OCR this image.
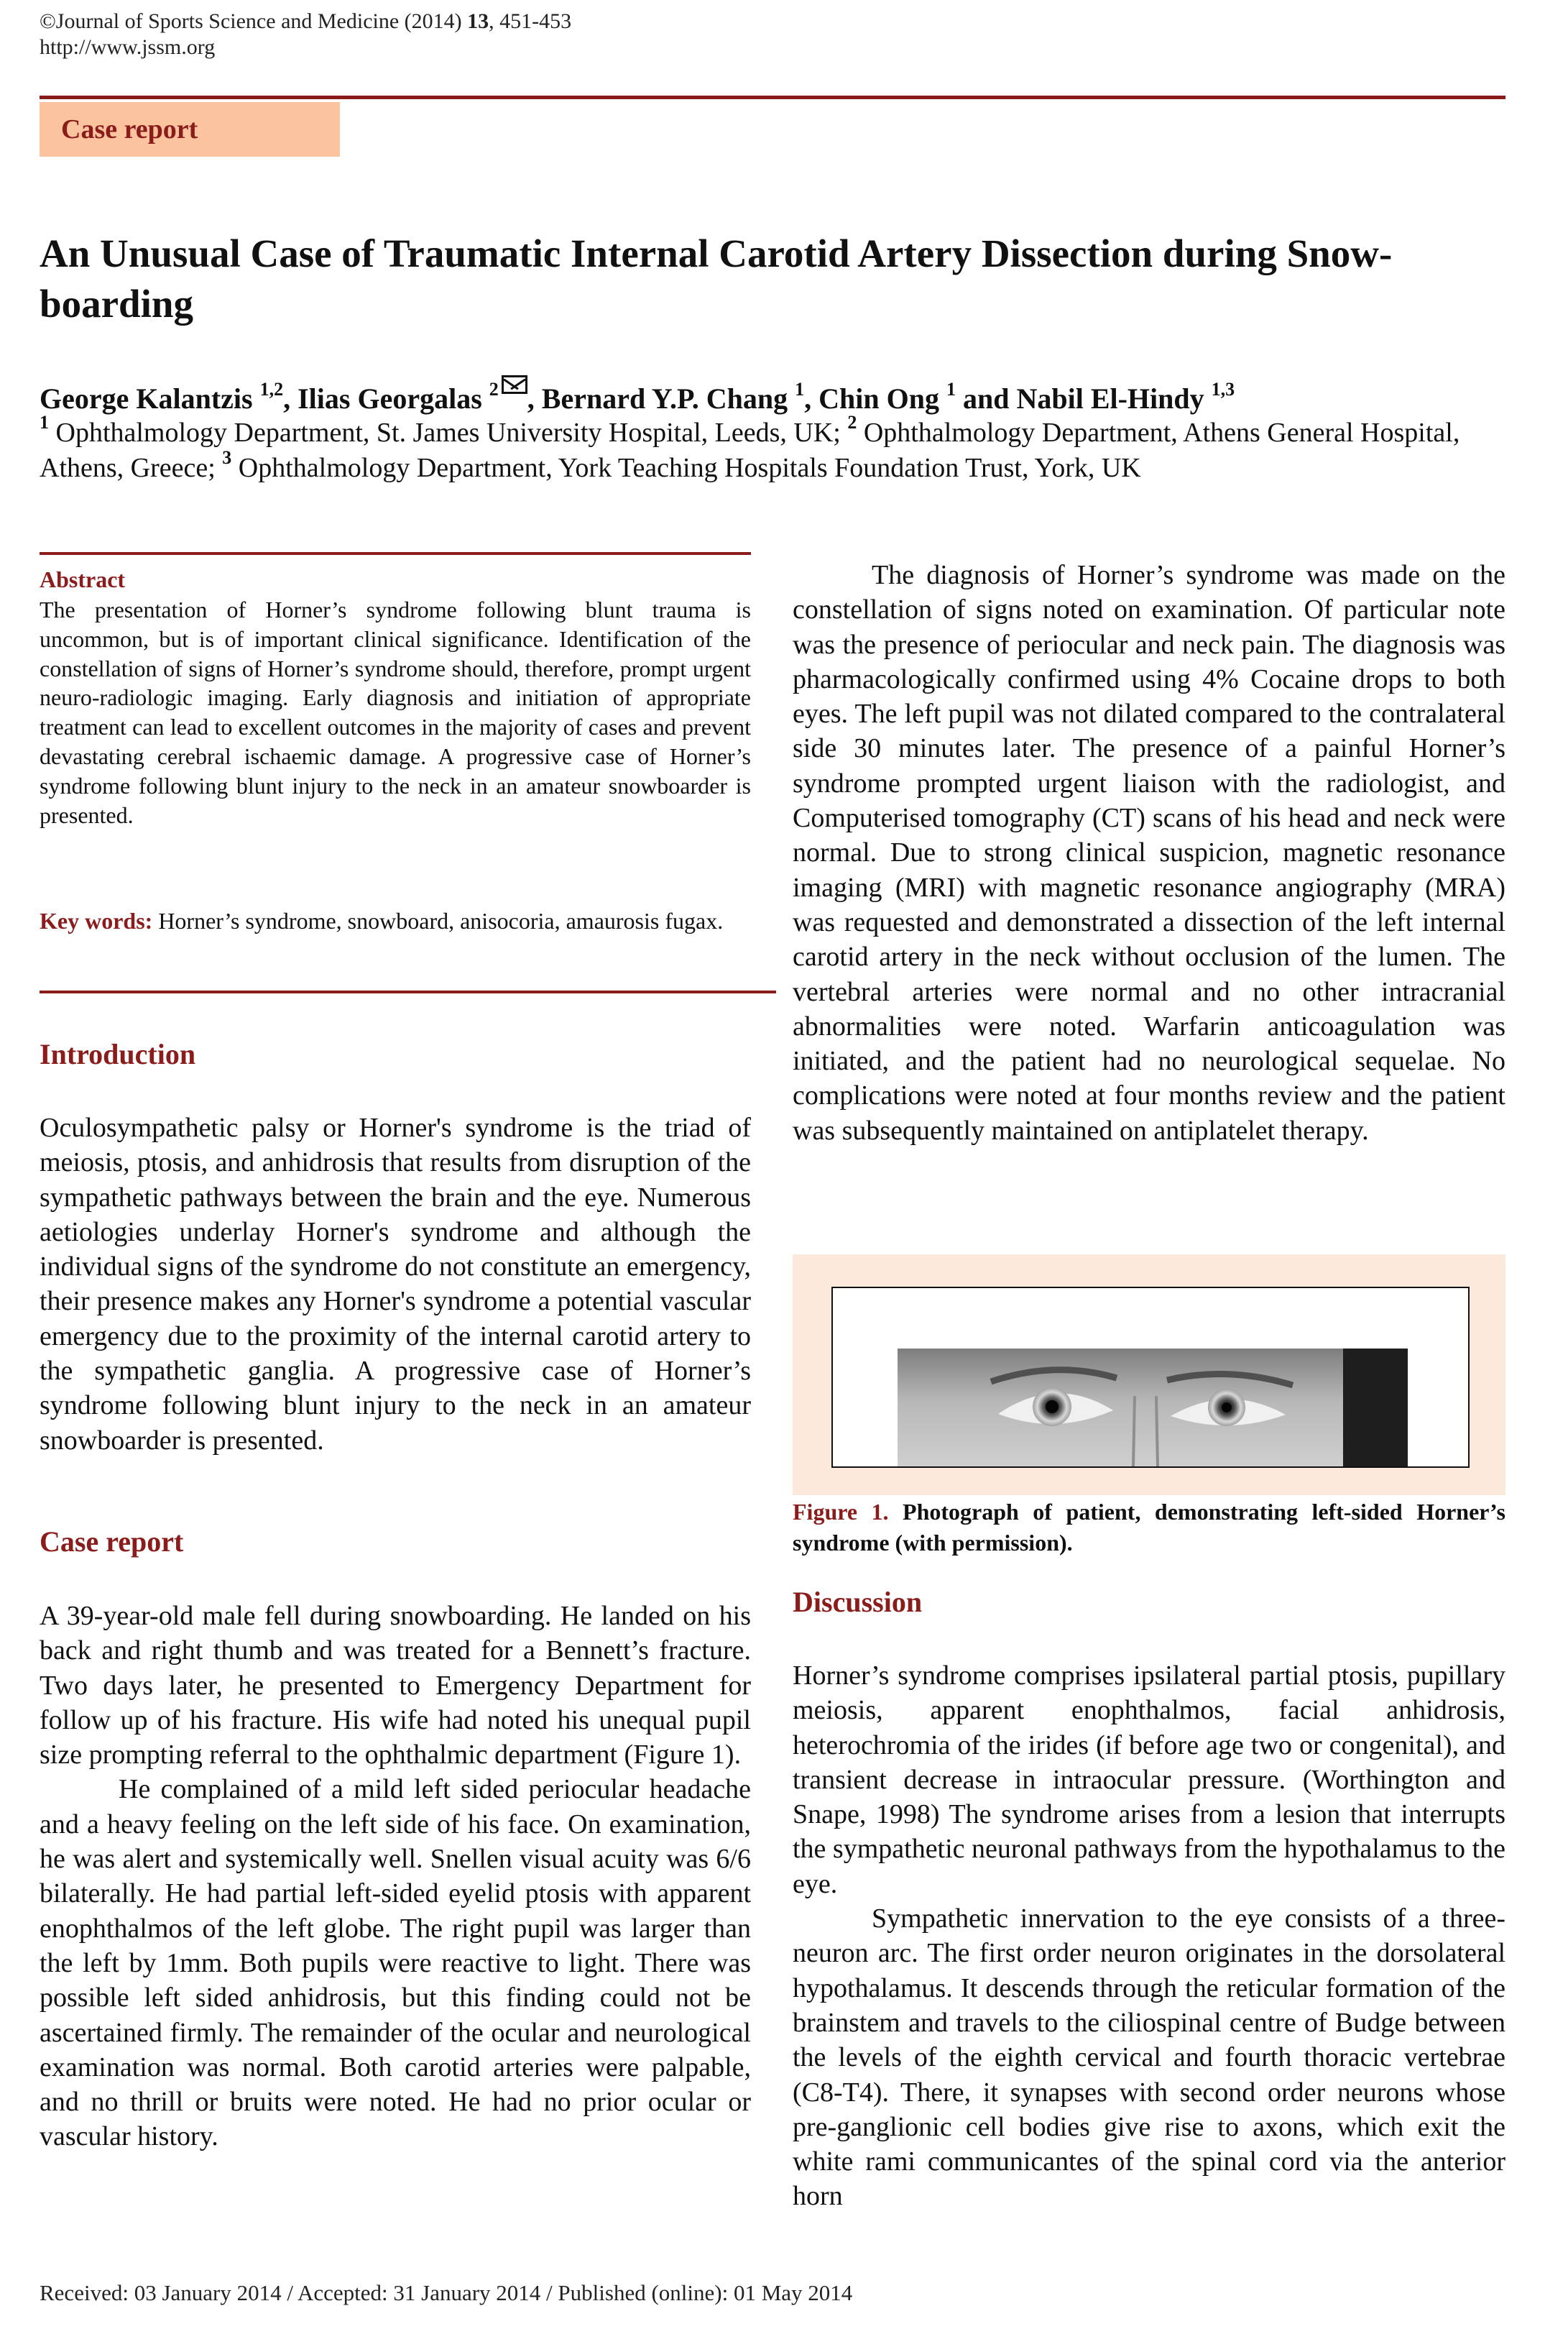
©Journal of Sports Science and Medicine (2014) 13, 451-453
http://www.jssm.org
Case report
An Unusual Case of Traumatic Internal Carotid Artery Dissection during Snow-boarding
George Kalantzis $^{1,2}$, Ilias Georgalas $^2$ , Bernard Y.P. Chang $^1$, Chin Ong $^1$ and Nabil El-Hindy $^{1,3}$
$^1$ Ophthalmology Department, St. James University Hospital, Leeds, UK; $^2$ Ophthalmology Department, Athens General Hospital, Athens, Greece; $^3$ Ophthalmology Department, York Teaching Hospitals Foundation Trust, York, UK
Abstract
The presentation of Horner’s syndrome following blunt trauma is uncommon, but is of important clinical significance. Identification of the constellation of signs of Horner’s syndrome should, therefore, prompt urgent neuro-radiologic imaging. Early diagnosis and initiation of appropriate treatment can lead to excellent outcomes in the majority of cases and prevent devastating cerebral ischaemic damage. A progressive case of Horner’s syndrome following blunt injury to the neck in an amateur snowboarder is presented.
Key words: Horner’s syndrome, snowboard, anisocoria, amaurosis fugax.
Introduction

Oculosympathetic palsy or Horner's syndrome is the triad of meiosis, ptosis, and anhidrosis that results from disruption of the sympathetic pathways between the brain and the eye. Numerous aetiologies underlay Horner's syndrome and although the individual signs of the syndrome do not constitute an emergency, their presence makes any Horner's syndrome a potential vascular emergency due to the proximity of the internal carotid artery to the sympathetic ganglia. A progressive case of Horner’s syndrome following blunt injury to the neck in an amateur snowboarder is presented.

Case report

A 39-year-old male fell during snowboarding. He landed on his back and right thumb and was treated for a Bennett’s fracture. Two days later, he presented to Emergency Department for follow up of his fracture. His wife had noted his unequal pupil size prompting referral to the ophthalmic department (Figure 1).

He complained of a mild left sided periocular headache and a heavy feeling on the left side of his face. On examination, he was alert and systemically well. Snellen visual acuity was 6/6 bilaterally. He had partial left-sided eyelid ptosis with apparent enophthalmos of the left globe. The right pupil was larger than the left by 1mm. Both pupils were reactive to light. There was possible left sided anhidrosis, but this finding could not be ascertained firmly. The remainder of the ocular and neurological examination was normal. Both carotid arteries were palpable, and no thrill or bruits were noted. He had no prior ocular or vascular history.

The diagnosis of Horner’s syndrome was made on the constellation of signs noted on examination. Of particular note was the presence of periocular and neck pain. The diagnosis was pharmacologically confirmed using 4% Cocaine drops to both eyes. The left pupil was not dilated compared to the contralateral side 30 minutes later. The presence of a painful Horner’s syndrome prompted urgent liaison with the radiologist, and Computerised tomography (CT) scans of his head and neck were normal. Due to strong clinical suspicion, magnetic resonance imaging (MRI) with magnetic resonance angiography (MRA) was requested and demonstrated a dissection of the left internal carotid artery in the neck without occlusion of the lumen. The vertebral arteries were normal and no other intracranial abnormalities were noted. Warfarin anticoagulation was initiated, and the patient had no neurological sequelae. No complications were noted at four months review and the patient was subsequently maintained on antiplatelet therapy.

Figure 1. Photograph of patient, demonstrating left-sided Horner’s syndrome (with permission).
Discussion

Horner’s syndrome comprises ipsilateral partial ptosis, pupillary meiosis, apparent enophthalmos, facial anhidrosis, heterochromia of the irides (if before age two or congenital), and transient decrease in intraocular pressure. (Worthington and Snape, 1998) The syndrome arises from a lesion that interrupts the sympathetic neuronal pathways from the hypothalamus to the eye.

Sympathetic innervation to the eye consists of a three-neuron arc. The first order neuron originates in the dorsolateral hypothalamus. It descends through the reticular formation of the brainstem and travels to the ciliospinal centre of Budge between the levels of the eighth cervical and fourth thoracic vertebrae (C8-T4). There, it synapses with second order neurons whose pre-ganglionic cell bodies give rise to axons, which exit the white rami communicantes of the spinal cord via the anterior horn

Received: 03 January 2014 / Accepted: 31 January 2014 / Published (online): 01 May 2014
